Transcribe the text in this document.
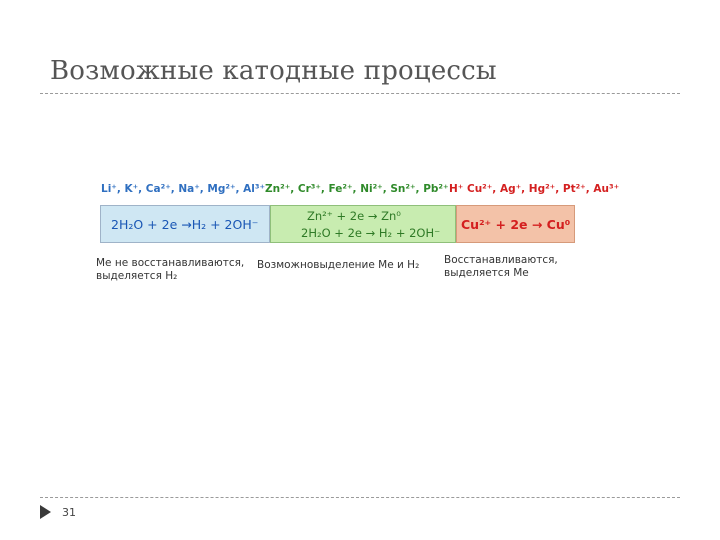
Возможные катодные процессы
Li⁺, K⁺, Ca²⁺, Na⁺, Mg²⁺, Al³⁺ Zn²⁺, Cr³⁺, Fe²⁺, Ni²⁺, Sn²⁺, Pb²⁺ H⁺ Cu²⁺, Ag⁺, Hg²⁺, Pt²⁺, Au³⁺
2H₂O + 2e →H₂ + 2OH⁻
Zn²⁺ + 2e → Zn⁰
2H₂O + 2e → H₂ + 2OH⁻
Cu²⁺ + 2e → Cu⁰
Me не восстанавливаются,
выделяется H₂
Возможновыделение Me и H₂ Восстанавливаются,
выделяется Me
31
